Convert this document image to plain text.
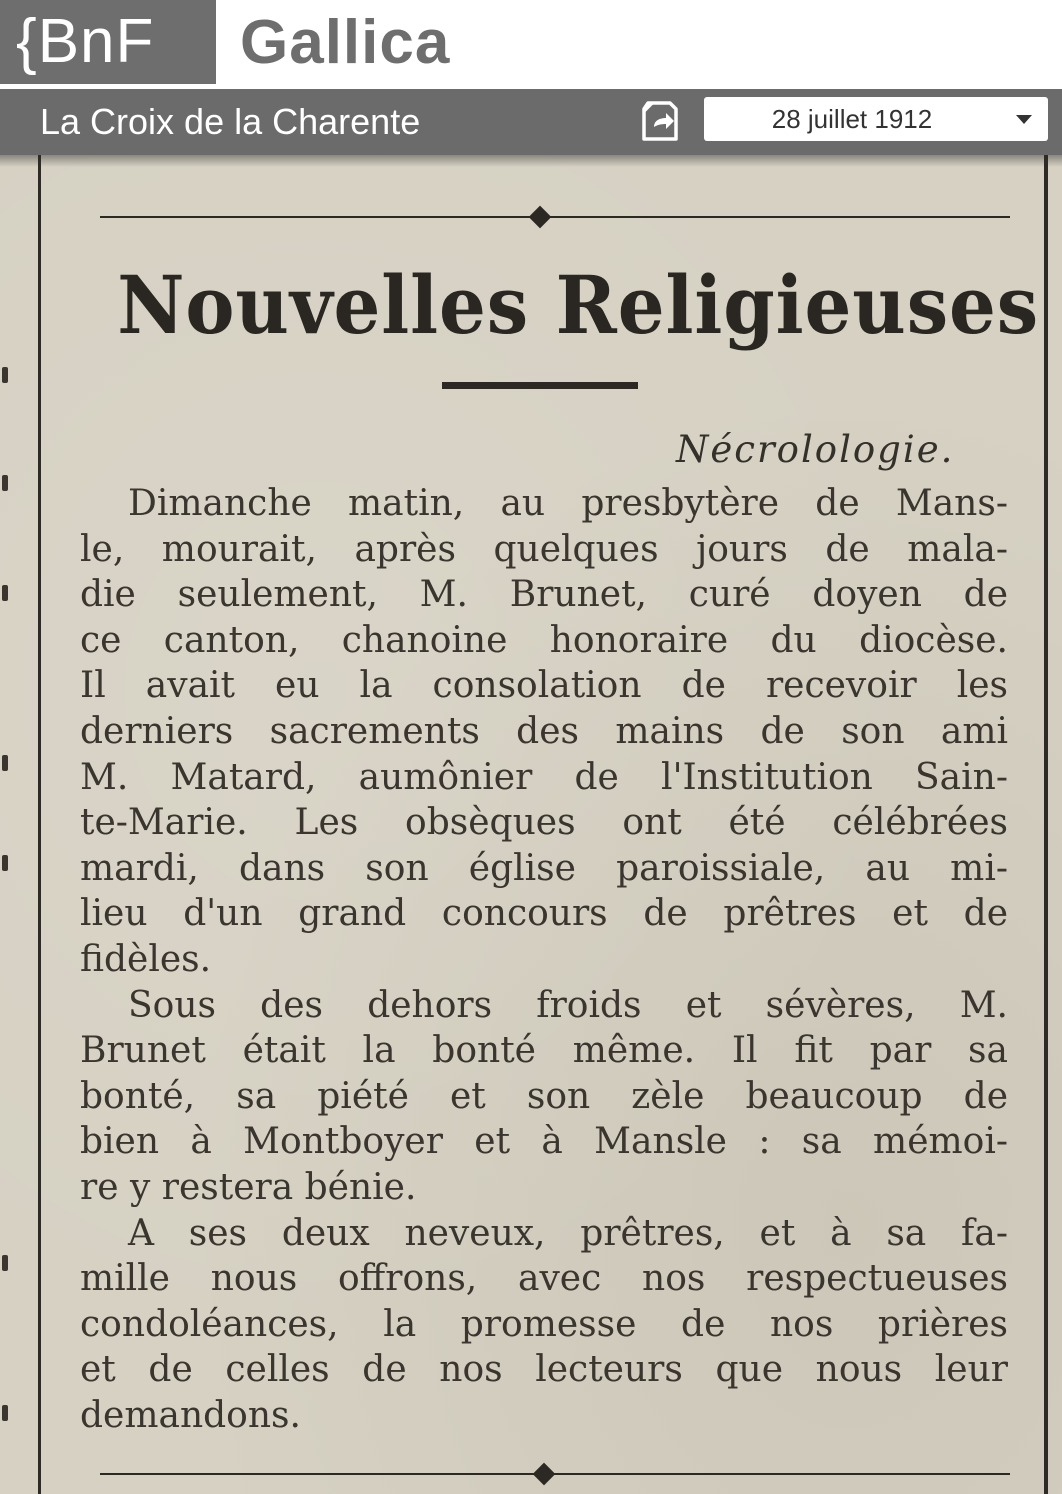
{BnF	Gallica
La Croix de la Charente	28 juillet 1912
Nouvelles Religieuses
Nécrolologie.
Dimanche matin, au presbytère de Mans-
le, mourait, après quelques jours de mala-
die seulement, M. Brunet, curé doyen de
ce canton, chanoine honoraire du diocèse.
Il avait eu la consolation de recevoir les
derniers sacrements des mains de son ami
M. Matard, aumônier de l'Institution Sain-
te-Marie. Les obsèques ont été célébrées
mardi, dans son église paroissiale, au mi-
lieu d'un grand concours de prêtres et de
fidèles.
Sous des dehors froids et sévères, M.
Brunet était la bonté même. Il fit par sa
bonté, sa piété et son zèle beaucoup de
bien à Montboyer et à Mansle : sa mémoi-
re y restera bénie.
A ses deux neveux, prêtres, et à sa fa-
mille nous offrons, avec nos respectueuses
condoléances, la promesse de nos prières
et de celles de nos lecteurs que nous leur
demandons.
